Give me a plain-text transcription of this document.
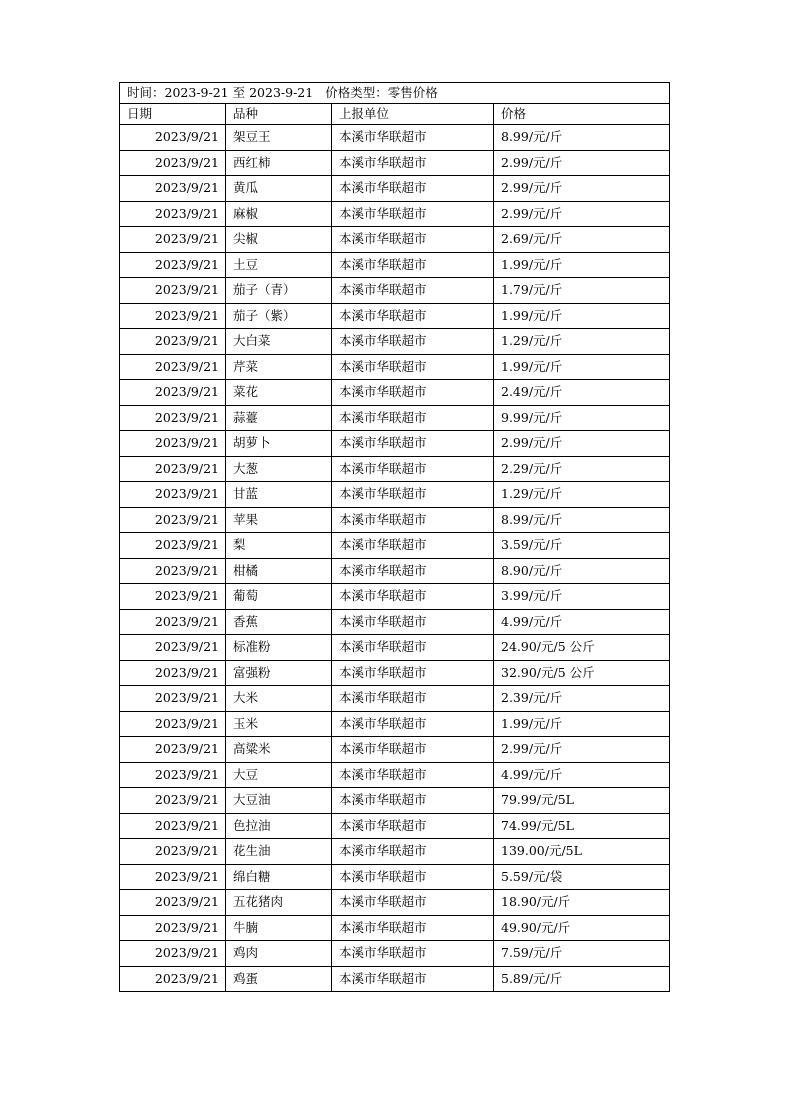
时间：2023-9-21 至 2023-9-21 价格类型：零售价格			
日期	品种	上报单位	价格
2023/9/21	架豆王	本溪市华联超市	8.99/元/斤
2023/9/21	西红柿	本溪市华联超市	2.99/元/斤
2023/9/21	黄瓜	本溪市华联超市	2.99/元/斤
2023/9/21	麻椒	本溪市华联超市	2.99/元/斤
2023/9/21	尖椒	本溪市华联超市	2.69/元/斤
2023/9/21	土豆	本溪市华联超市	1.99/元/斤
2023/9/21	茄子（青）	本溪市华联超市	1.79/元/斤
2023/9/21	茄子（紫）	本溪市华联超市	1.99/元/斤
2023/9/21	大白菜	本溪市华联超市	1.29/元/斤
2023/9/21	芹菜	本溪市华联超市	1.99/元/斤
2023/9/21	菜花	本溪市华联超市	2.49/元/斤
2023/9/21	蒜薹	本溪市华联超市	9.99/元/斤
2023/9/21	胡萝卜	本溪市华联超市	2.99/元/斤
2023/9/21	大葱	本溪市华联超市	2.29/元/斤
2023/9/21	甘蓝	本溪市华联超市	1.29/元/斤
2023/9/21	苹果	本溪市华联超市	8.99/元/斤
2023/9/21	梨	本溪市华联超市	3.59/元/斤
2023/9/21	柑橘	本溪市华联超市	8.90/元/斤
2023/9/21	葡萄	本溪市华联超市	3.99/元/斤
2023/9/21	香蕉	本溪市华联超市	4.99/元/斤
2023/9/21	标准粉	本溪市华联超市	24.90/元/5 公斤
2023/9/21	富强粉	本溪市华联超市	32.90/元/5 公斤
2023/9/21	大米	本溪市华联超市	2.39/元/斤
2023/9/21	玉米	本溪市华联超市	1.99/元/斤
2023/9/21	高粱米	本溪市华联超市	2.99/元/斤
2023/9/21	大豆	本溪市华联超市	4.99/元/斤
2023/9/21	大豆油	本溪市华联超市	79.99/元/5L
2023/9/21	色拉油	本溪市华联超市	74.99/元/5L
2023/9/21	花生油	本溪市华联超市	139.00/元/5L
2023/9/21	绵白糖	本溪市华联超市	5.59/元/袋
2023/9/21	五花猪肉	本溪市华联超市	18.90/元/斤
2023/9/21	牛腩	本溪市华联超市	49.90/元/斤
2023/9/21	鸡肉	本溪市华联超市	7.59/元/斤
2023/9/21	鸡蛋	本溪市华联超市	5.89/元/斤
